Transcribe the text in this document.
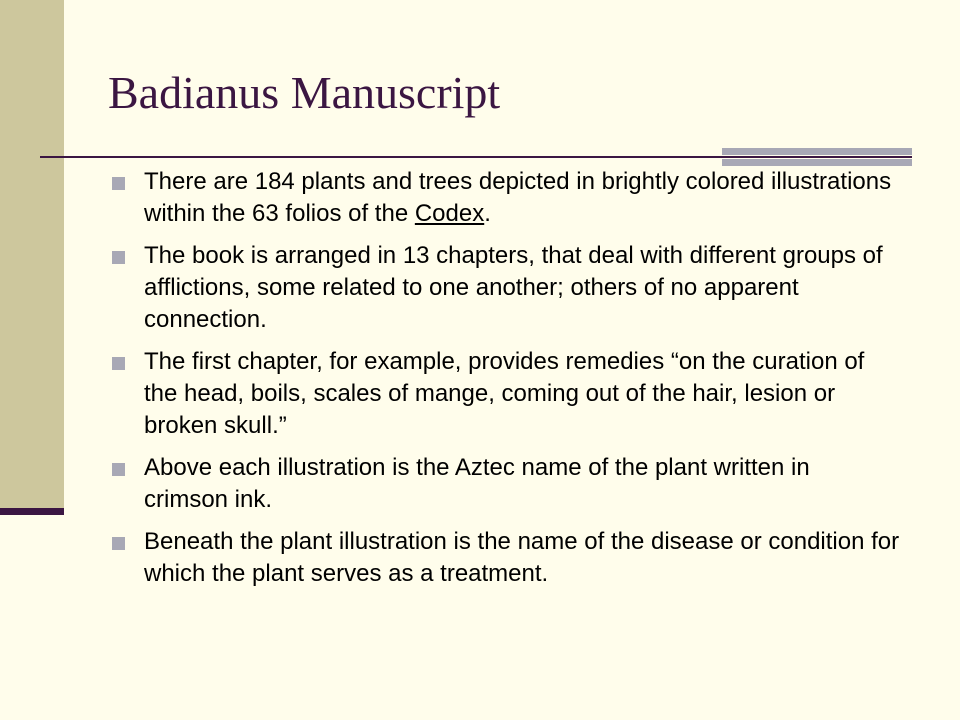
Badianus Manuscript
There are 184 plants and trees depicted in brightly colored illustrations within the 63 folios of the Codex.
The book is arranged in 13 chapters, that deal with different groups of afflictions, some related to one another; others of no apparent connection.
The first chapter, for example, provides remedies “on the curation of the head, boils, scales of mange, coming out of the hair, lesion or broken skull.”
Above each illustration is the Aztec name of the plant written in crimson ink.
Beneath the plant illustration is the name of the disease or condition for which the plant serves as a treatment.
